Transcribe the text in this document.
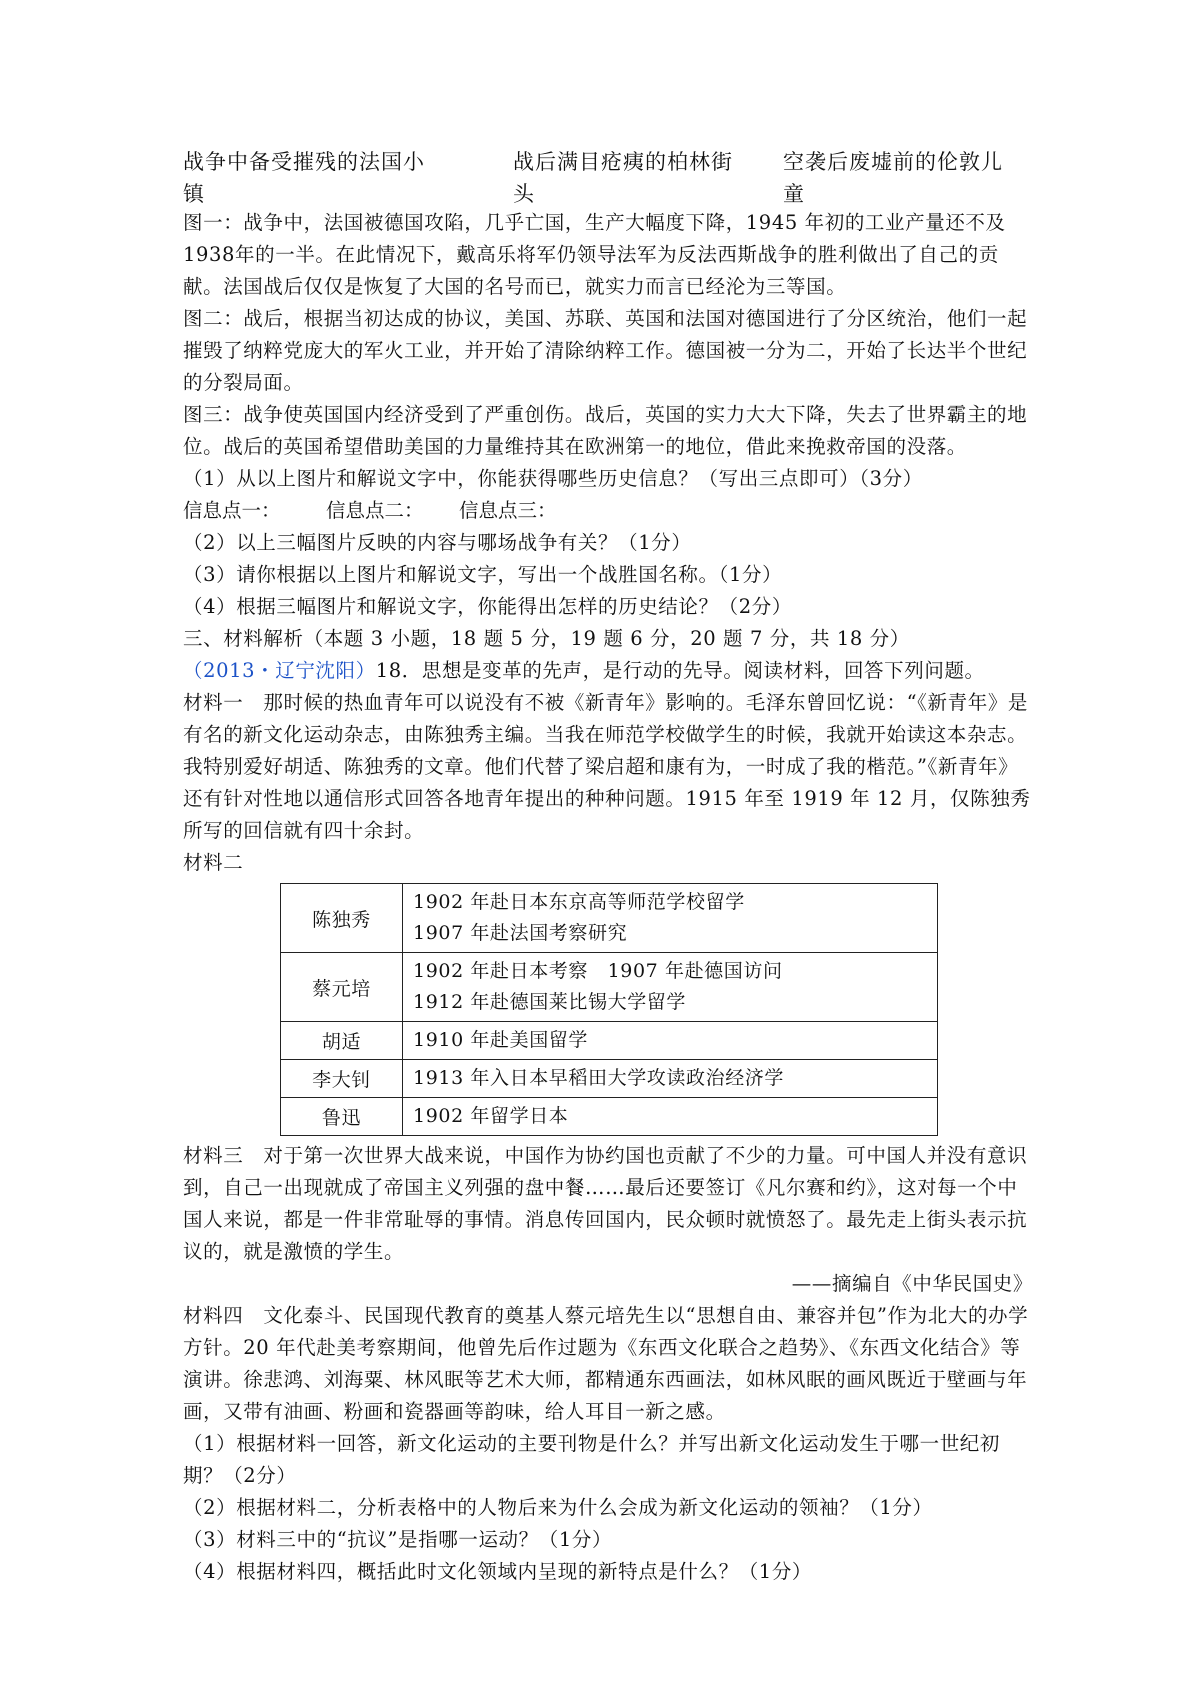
战争中备受摧残的法国小镇
战后满目疮痍的柏林街头
空袭后废墟前的伦敦儿童

图一：战争中，法国被德国攻陷，几乎亡国，生产大幅度下降，1945 年初的工业产量还不及1938年的一半。在此情况下，戴高乐将军仍领导法军为反法西斯战争的胜利做出了自己的贡献。法国战后仅仅是恢复了大国的名号而已，就实力而言已经沦为三等国。

图二：战后，根据当初达成的协议，美国、苏联、英国和法国对德国进行了分区统治，他们一起摧毁了纳粹党庞大的军火工业，并开始了清除纳粹工作。德国被一分为二，开始了长达半个世纪的分裂局面。

图三：战争使英国国内经济受到了严重创伤。战后，英国的实力大大下降，失去了世界霸主的地位。战后的英国希望借助美国的力量维持其在欧洲第一的地位，借此来挽救帝国的没落。

（1）从以上图片和解说文字中，你能获得哪些历史信息？（写出三点即可）（3分）

信息点一： 信息点二： 信息点三：

（2）以上三幅图片反映的内容与哪场战争有关？（1分）

（3）请你根据以上图片和解说文字，写出一个战胜国名称。（1分）

（4）根据三幅图片和解说文字，你能得出怎样的历史结论？（2分）

三、材料解析（本题 3 小题，18 题 5 分，19 题 6 分，20 题 7 分，共 18 分）

（2013・辽宁沈阳）18．思想是变革的先声，是行动的先导。阅读材料，回答下列问题。

材料一　那时候的热血青年可以说没有不被《新青年》影响的。毛泽东曾回忆说：“《新青年》是有名的新文化运动杂志，由陈独秀主编。当我在师范学校做学生的时候，我就开始读这本杂志。我特别爱好胡适、陈独秀的文章。他们代替了梁启超和康有为，一时成了我的楷范。”《新青年》还有针对性地以通信形式回答各地青年提出的种种问题。1915 年至 1919 年 12 月，仅陈独秀所写的回信就有四十余封。

材料二

陈独秀	1902 年赴日本东京高等师范学校留学
1907 年赴法国考察研究

蔡元培	1902 年赴日本考察　1907 年赴德国访问
1912 年赴德国莱比锡大学留学

胡适	1910 年赴美国留学

李大钊	1913 年入日本早稻田大学攻读政治经济学

鲁迅	1902 年留学日本

材料三　对于第一次世界大战来说，中国作为协约国也贡献了不少的力量。可中国人并没有意识到，自己一出现就成了帝国主义列强的盘中餐……最后还要签订《凡尔赛和约》，这对每一个中国人来说，都是一件非常耻辱的事情。消息传回国内，民众顿时就愤怒了。最先走上街头表示抗议的，就是激愤的学生。

——摘编自《中华民国史》

材料四　文化泰斗、民国现代教育的奠基人蔡元培先生以“思想自由、兼容并包”作为北大的办学方针。20 年代赴美考察期间，他曾先后作过题为《东西文化联合之趋势》、《东西文化结合》等演讲。徐悲鸿、刘海粟、林风眠等艺术大师，都精通东西画法，如林风眠的画风既近于壁画与年画，又带有油画、粉画和瓷器画等韵味，给人耳目一新之感。

（1）根据材料一回答，新文化运动的主要刊物是什么？并写出新文化运动发生于哪一世纪初期？（2分）

（2）根据材料二，分析表格中的人物后来为什么会成为新文化运动的领袖？（1分）

（3）材料三中的“抗议”是指哪一运动？（1分）

（4）根据材料四，概括此时文化领域内呈现的新特点是什么？（1分）
